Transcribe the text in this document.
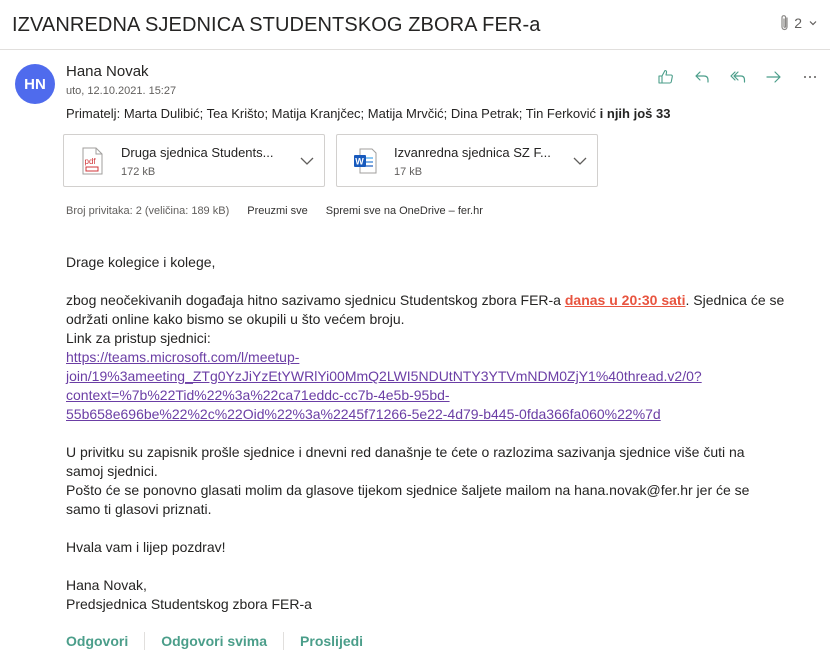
IZVANREDNA SJEDNICA STUDENTSKOG ZBORA FER-a	2
HN
Hana Novak
uto, 12.10.2021. 15:27
Primatelj: Marta Dulibić; Tea Krišto; Matija Kranjčec; Matija Mrvčić; Dina Petrak; Tin Ferković i njih još 33
pdf
Druga sjednica Students...
172 kB
W
Izvanredna sjednica SZ F...
17 kB
Broj privitaka: 2 (veličina: 189 kB) Preuzmi sve Spremi sve na OneDrive – fer.hr

Drage kolegice i kolege,

zbog neočekivanih događaja hitno sazivamo sjednicu Studentskog zbora FER-a danas u 20:30 sati. Sjednica će se

održati online kako bismo se okupili u što većem broju.

Link za pristup sjednici:

https://teams.microsoft.com/l/meetup-

join/19%3ameeting_ZTg0YzJiYzEtYWRlYi00MmQ2LWI5NDUtNTY3YTVmNDM0ZjY1%40thread.v2/0?

context=%7b%22Tid%22%3a%22ca71eddc-cc7b-4e5b-95bd-

55b658e696be%22%2c%22Oid%22%3a%2245f71266-5e22-4d79-b445-0fda366fa060%22%7d

U privitku su zapisnik prošle sjednice i dnevni red današnje te ćete o razlozima sazivanja sjednice više čuti na

samoj sjednici.

Pošto će se ponovno glasati molim da glasove tijekom sjednice šaljete mailom na hana.novak@fer.hr jer će se

samo ti glasovi priznati.

Hvala vam i lijep pozdrav!

Hana Novak,

Predsjednica Studentskog zbora FER-a

Odgovori Odgovori svima Proslijedi
